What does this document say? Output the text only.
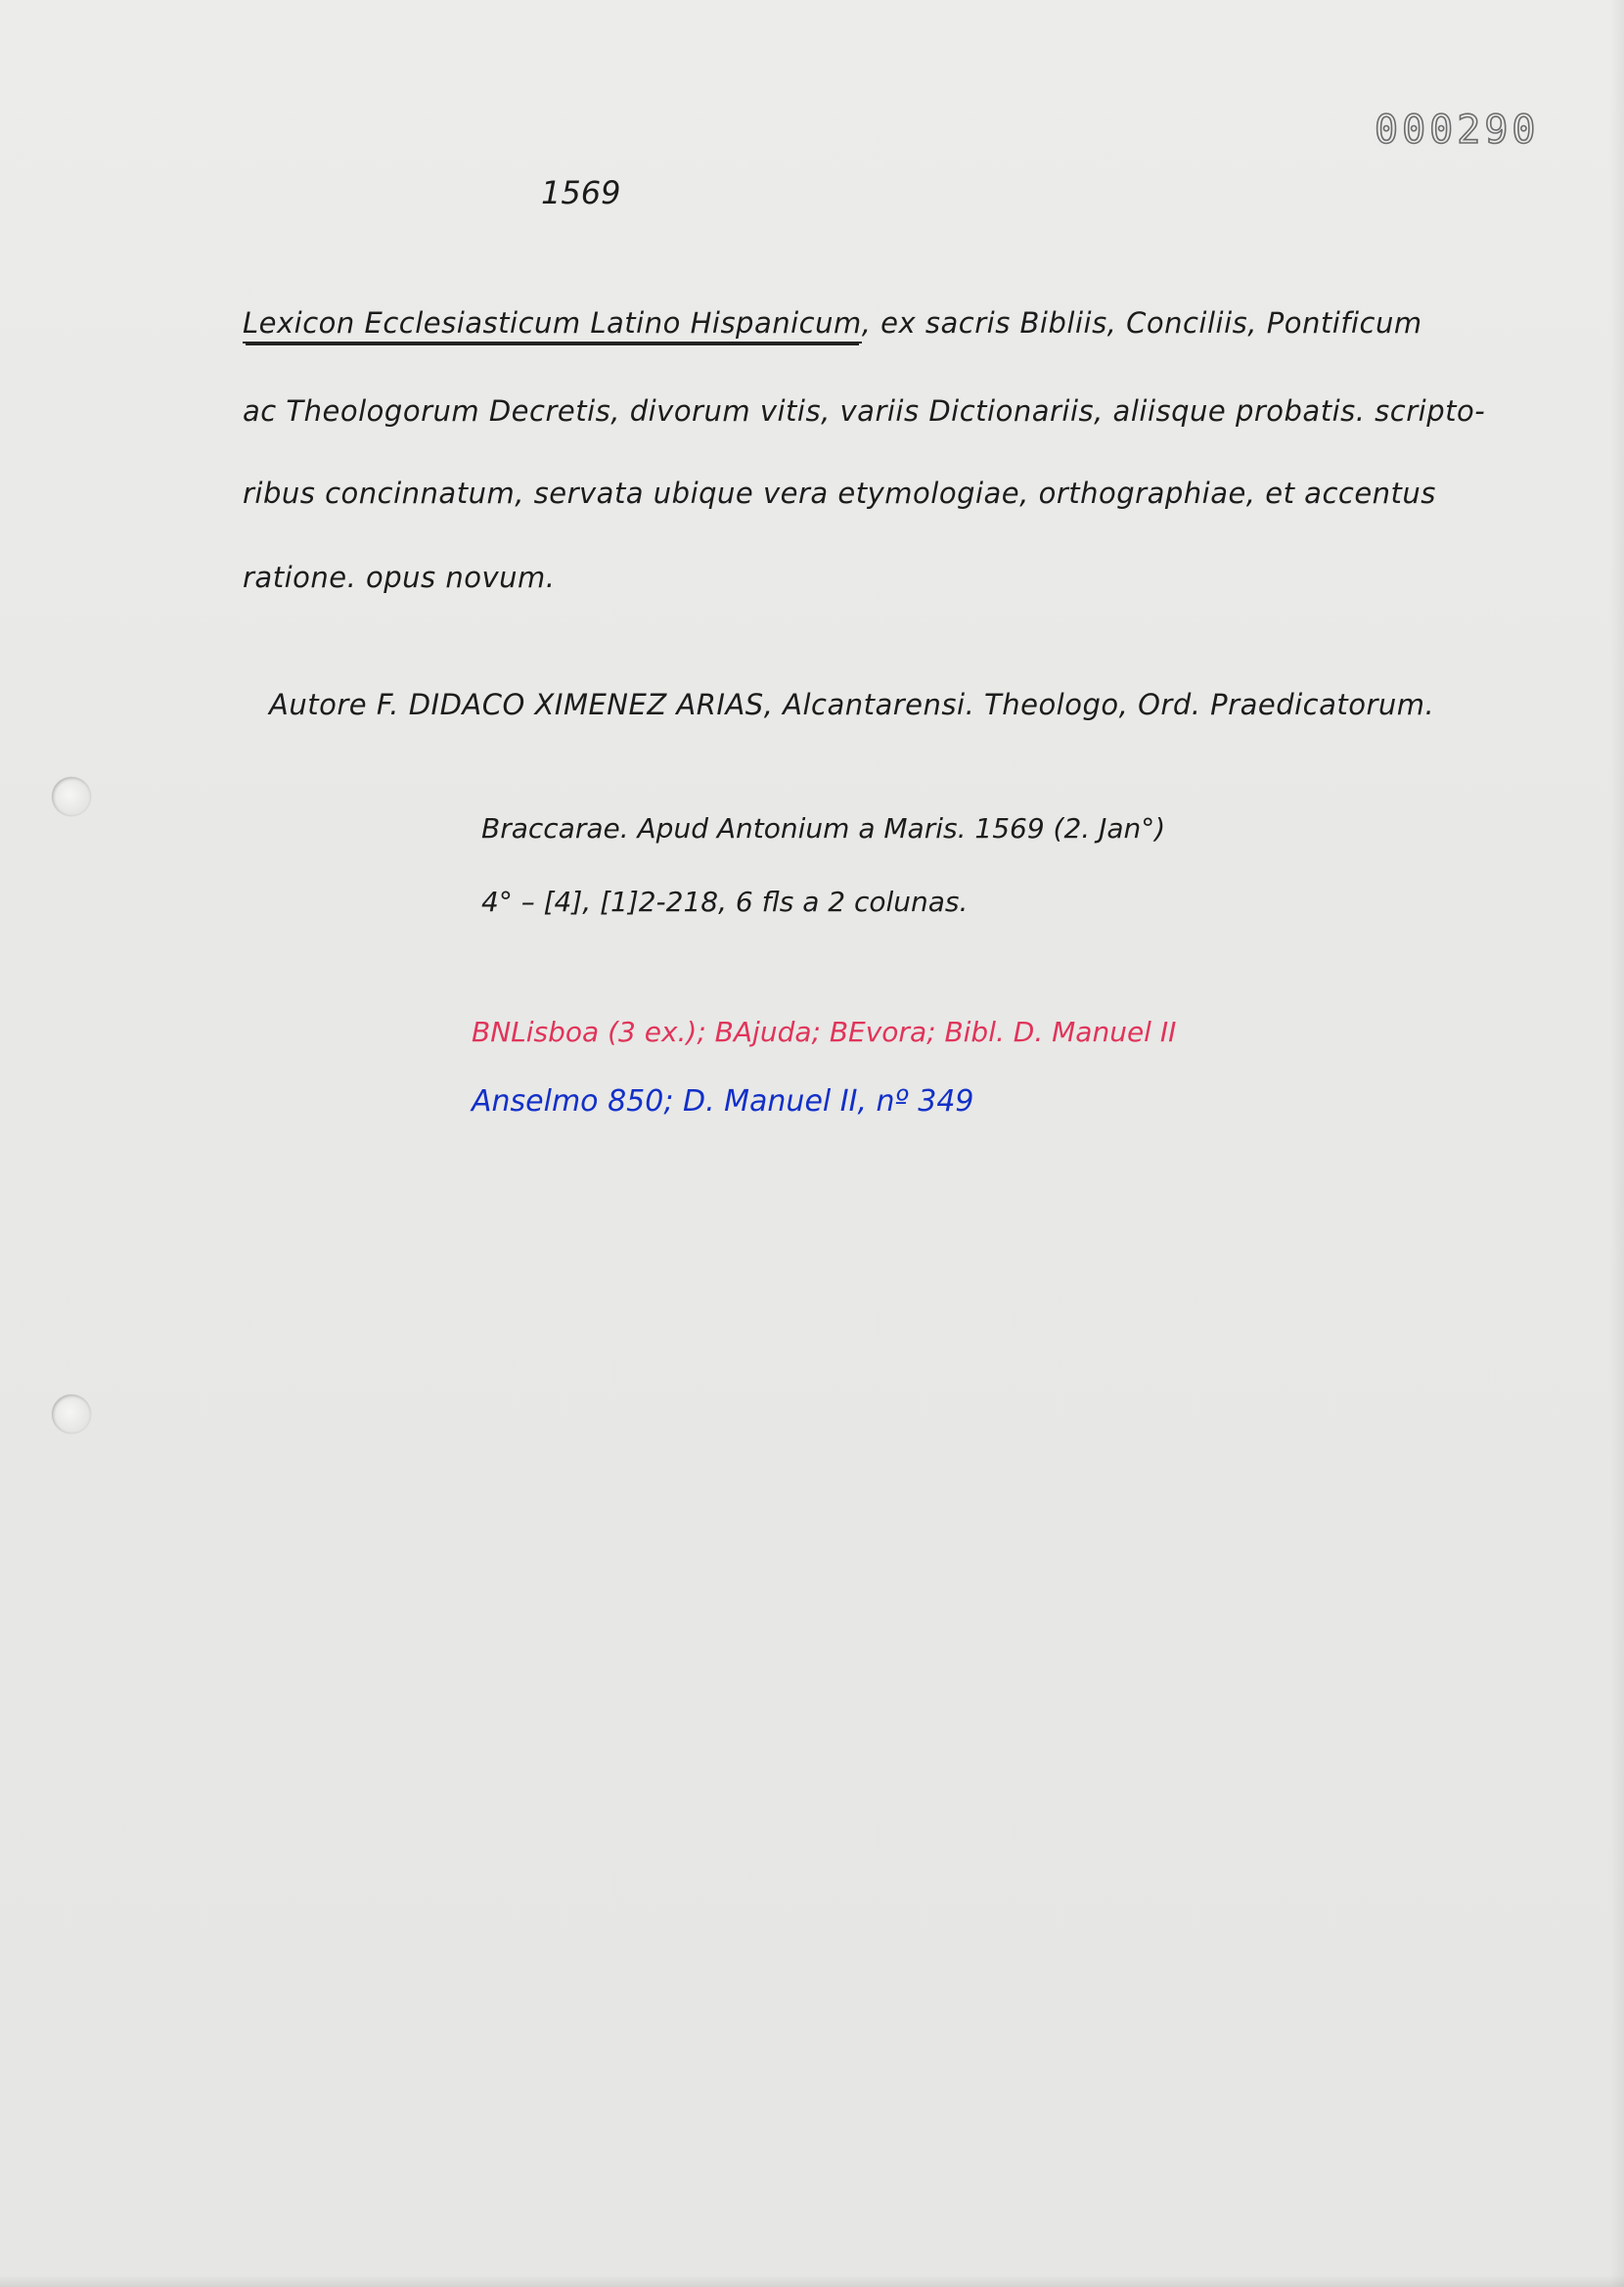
000290
1569
Lexicon Ecclesiasticum Latino Hispanicum, ex sacris Bibliis, Conciliis, Pontificum
ac Theologorum Decretis, divorum vitis, variis Dictionariis, aliisque probatis. scripto-
ribus concinnatum, servata ubique vera etymologiae, orthographiae, et accentus
ratione. opus novum.
Autore F. DIDACO XIMENEZ ARIAS, Alcantarensi. Theologo, Ord. Praedicatorum.
Braccarae. Apud Antonium a Maris. 1569 (2. Jan°)
4° – [4], [1]2-218, 6 fls a 2 colunas.
BNLisboa (3 ex.); BAjuda; BEvora; Bibl. D. Manuel II
Anselmo 850; D. Manuel II, nº 349
